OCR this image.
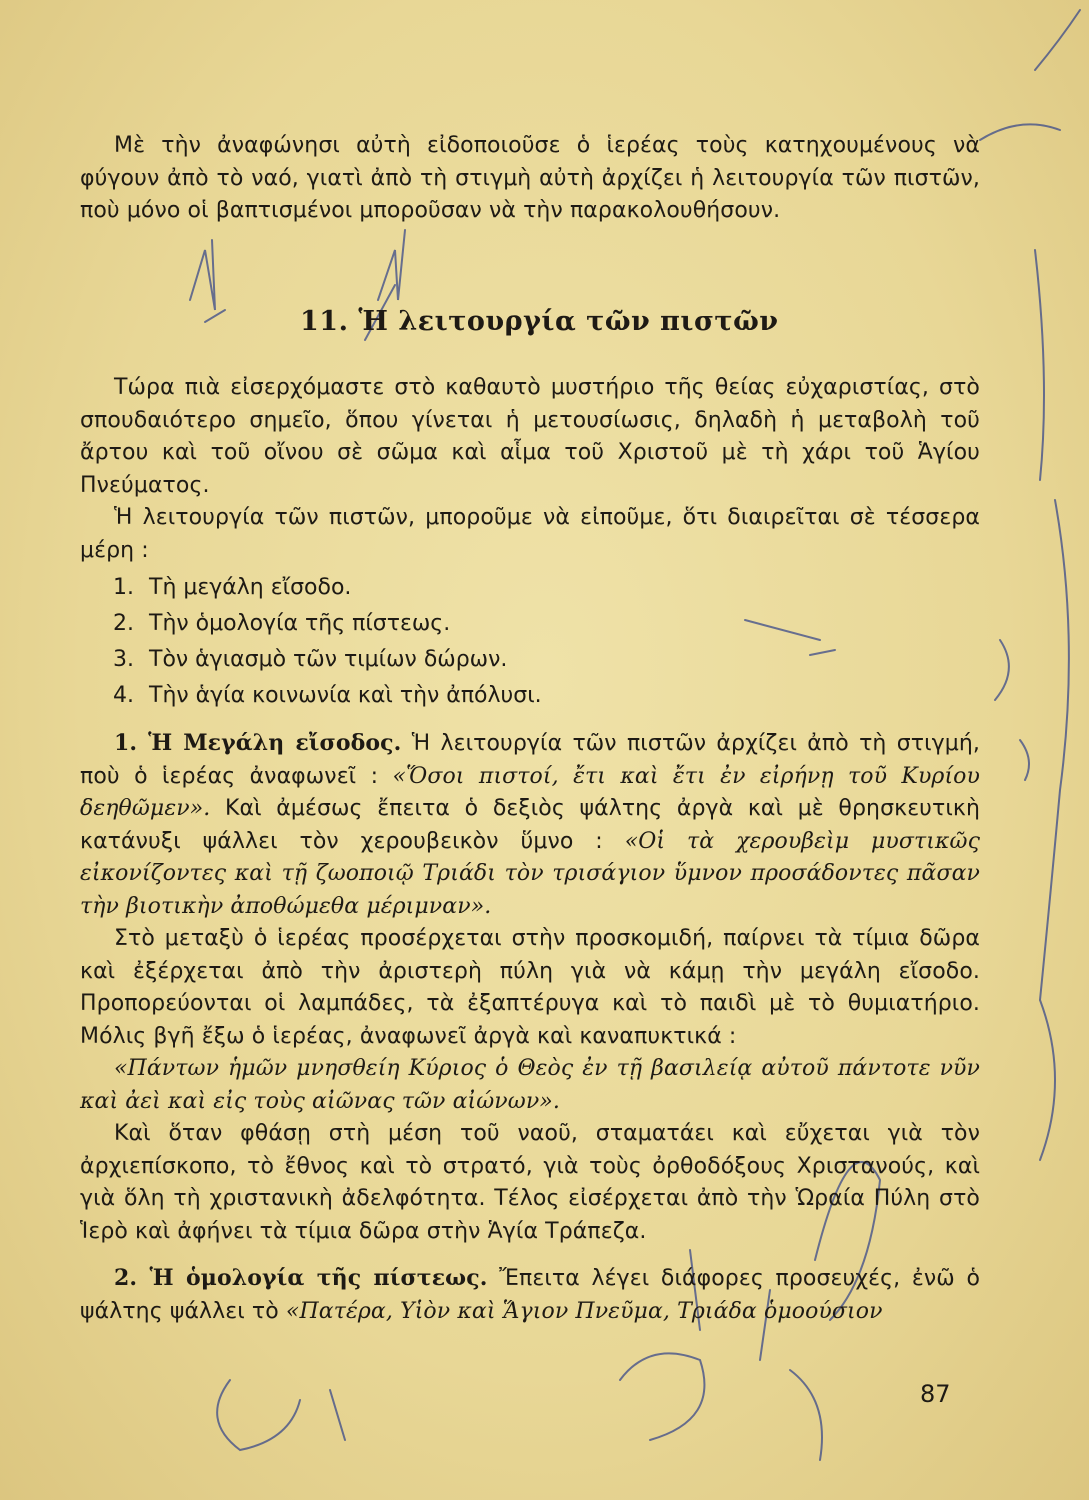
Μὲ τὴν ἀναφώνησι αὐτὴ εἰδοποιοῦσε ὁ ἱερέας τοὺς κατηχουμένους νὰ φύγουν ἀπὸ τὸ ναό, γιατὶ ἀπὸ τὴ στιγμὴ αὐτὴ ἀρχίζει ἡ λειτουργία τῶν πιστῶν, ποὺ μόνο οἱ βαπτισμένοι μποροῦσαν νὰ τὴν παρακολουθήσουν.

11. Ἡ λειτουργία τῶν πιστῶν

Τώρα πιὰ εἰσερχόμαστε στὸ καθαυτὸ μυστήριο τῆς θείας εὐχαριστίας, στὸ σπουδαιότερο σημεῖο, ὅπου γίνεται ἡ μετουσίωσις, δηλαδὴ ἡ μεταβολὴ τοῦ ἄρτου καὶ τοῦ οἴνου σὲ σῶμα καὶ αἷμα τοῦ Χριστοῦ μὲ τὴ χάρι τοῦ Ἁγίου Πνεύματος.

Ἡ λειτουργία τῶν πιστῶν, μποροῦμε νὰ εἰποῦμε, ὅτι διαιρεῖται σὲ τέσσερα μέρη :

1. Τὴ μεγάλη εἴσοδο.
2. Τὴν ὁμολογία τῆς πίστεως.
3. Τὸν ἁγιασμὸ τῶν τιμίων δώρων.
4. Τὴν ἁγία κοινωνία καὶ τὴν ἀπόλυσι.

1. Ἡ Μεγάλη εἴσοδος. Ἡ λειτουργία τῶν πιστῶν ἀρχίζει ἀπὸ τὴ στιγμή, ποὺ ὁ ἱερέας ἀναφωνεῖ : «Ὅσοι πιστοί, ἔτι καὶ ἔτι ἐν εἰρήνῃ τοῦ Κυρίου δεηθῶμεν». Καὶ ἀμέσως ἔπειτα ὁ δεξιὸς ψάλτης ἀργὰ καὶ μὲ θρησκευτικὴ κατάνυξι ψάλλει τὸν χερουβεικὸν ὕμνο : «Οἱ τὰ χερουβεὶμ μυστικῶς εἰκονίζοντες καὶ τῇ ζωοποιῷ Τριάδι τὸν τρισάγιον ὕμνον προσάδοντες πᾶσαν τὴν βιοτικὴν ἀποθώμεθα μέριμναν».

Στὸ μεταξὺ ὁ ἱερέας προσέρχεται στὴν προσκομιδή, παίρνει τὰ τίμια δῶρα καὶ ἐξέρχεται ἀπὸ τὴν ἀριστερὴ πύλη γιὰ νὰ κάμῃ τὴν μεγάλη εἴσοδο. Προπορεύονται οἱ λαμπάδες, τὰ ἐξαπτέρυγα καὶ τὸ παιδὶ μὲ τὸ θυμιατήριο. Μόλις βγῆ ἔξω ὁ ἱερέας, ἀναφωνεῖ ἀργὰ καὶ καναπυκτικά :

«Πάντων ἡμῶν μνησθείη Κύριος ὁ Θεὸς ἐν τῇ βασιλείᾳ αὐτοῦ πάντοτε νῦν καὶ ἀεὶ καὶ εἰς τοὺς αἰῶνας τῶν αἰώνων».

Καὶ ὅταν φθάσῃ στὴ μέση τοῦ ναοῦ, σταματάει καὶ εὔχεται γιὰ τὸν ἀρχιεπίσκοπο, τὸ ἔθνος καὶ τὸ στρατό, γιὰ τοὺς ὀρθοδόξους Χριστανούς, καὶ γιὰ ὅλη τὴ χριστανικὴ ἀδελφότητα. Τέλος εἰσέρχεται ἀπὸ τὴν Ὡραία Πύλη στὸ Ἱερὸ καὶ ἀφήνει τὰ τίμια δῶρα στὴν Ἁγία Τράπεζα.

2. Ἡ ὁμολογία τῆς πίστεως. Ἔπειτα λέγει διάφορες προσευχές, ἐνῶ ὁ ψάλτης ψάλλει τὸ «Πατέρα, Υἱὸν καὶ Ἅγιον Πνεῦμα, Τριάδα ὁμοούσιον

87
